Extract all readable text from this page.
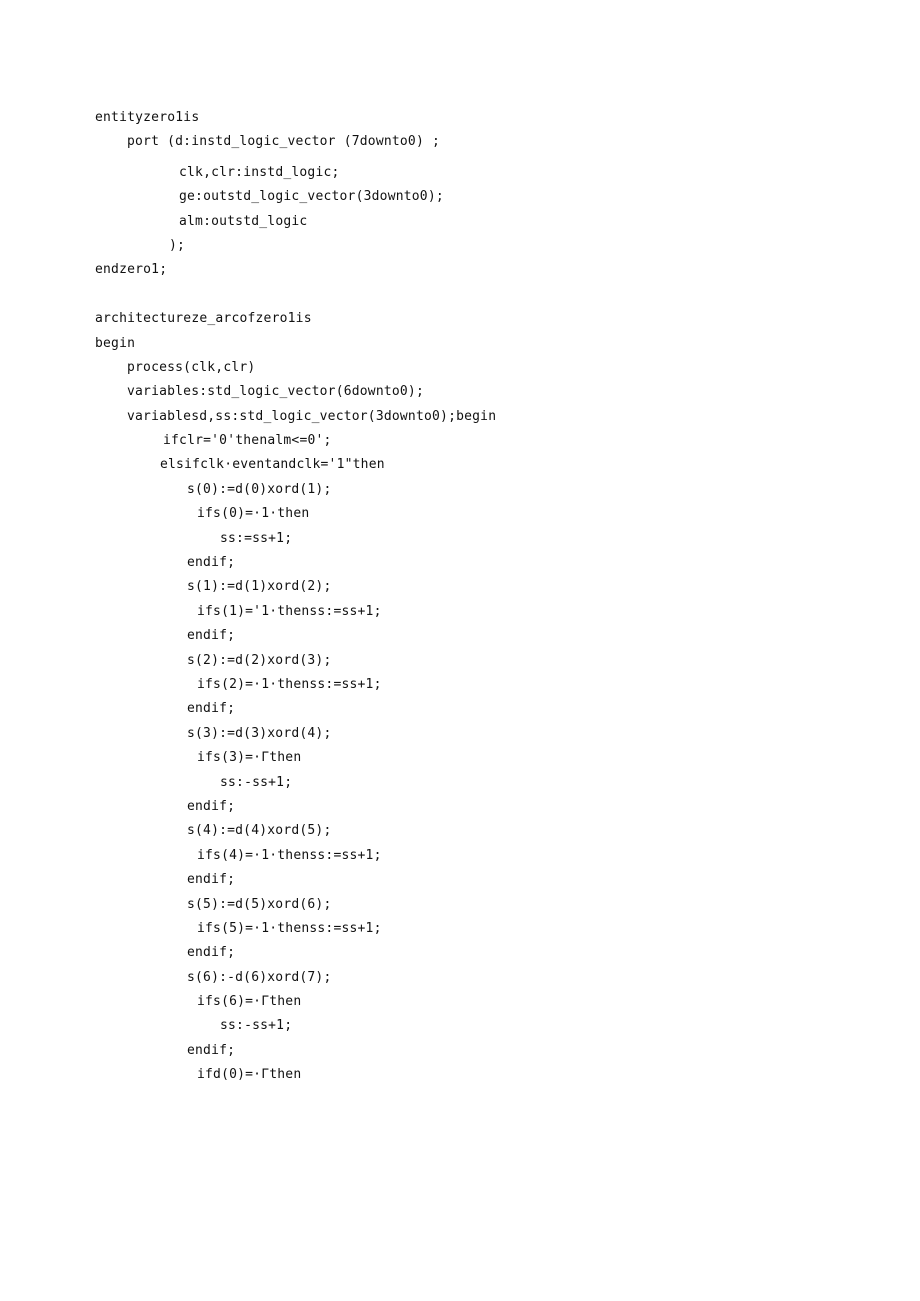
entityzero1is
port (d:instd_logic_vector (7downto0) ;
clk,clr:instd_logic;
ge:outstd_logic_vector(3downto0);
alm:outstd_logic
);
endzero1;
architectureze_arcofzero1is
begin
process(clk,clr)
variables:std_logic_vector(6downto0);
variablesd,ss:std_logic_vector(3downto0);begin
ifclr='0'thenalm<=0';
elsifclk·eventandclk='1"then
s(0):=d(0)xord(1);
ifs(0)=·1·then
ss:=ss+1;
endif;
s(1):=d(1)xord(2);
ifs(1)='1·thenss:=ss+1;
endif;
s(2):=d(2)xord(3);
ifs(2)=·1·thenss:=ss+1;
endif;
s(3):=d(3)xord(4);
ifs(3)=·Γthen
ss:-ss+1;
endif;
s(4):=d(4)xord(5);
ifs(4)=·1·thenss:=ss+1;
endif;
s(5):=d(5)xord(6);
ifs(5)=·1·thenss:=ss+1;
endif;
s(6):-d(6)xord(7);
ifs(6)=·Γthen
ss:-ss+1;
endif;
ifd(0)=·Γthen
